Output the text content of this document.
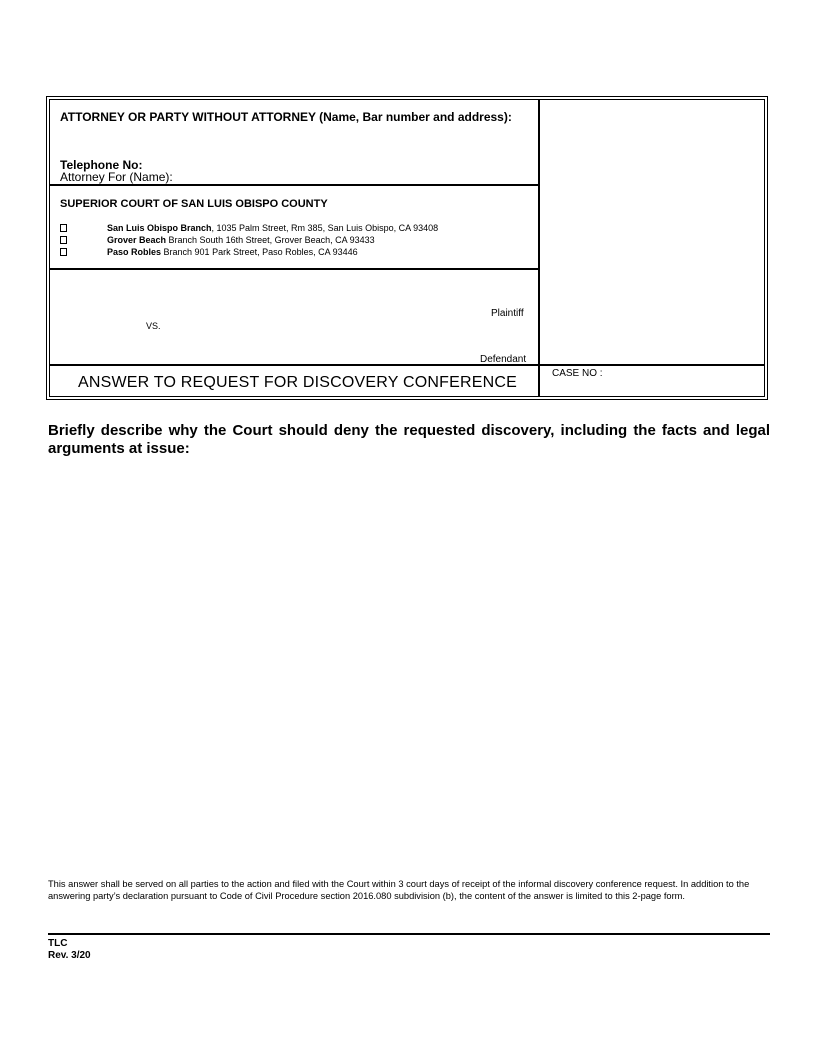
ATTORNEY OR PARTY WITHOUT ATTORNEY (Name, Bar number and address):
Telephone No:
Attorney For (Name):
SUPERIOR COURT OF SAN LUIS OBISPO COUNTY
San Luis Obispo Branch, 1035 Palm Street, Rm 385, San Luis Obispo, CA 93408
Grover Beach Branch South 16th Street, Grover Beach, CA 93433
Paso Robles Branch 901 Park Street, Paso Robles, CA 93446
Plaintiff
VS.
Defendant
ANSWER TO REQUEST FOR DISCOVERY CONFERENCE
CASE NO :
Briefly describe why the Court should deny the requested discovery, including the facts and legal arguments at issue:
This answer shall be served on all parties to the action and filed with the Court within 3 court days of receipt of the informal discovery conference request. In addition to the answering party’s declaration pursuant to Code of Civil Procedure section 2016.080 subdivision (b), the content of the answer is limited to this 2-page form.
TLC
Rev. 3/20
